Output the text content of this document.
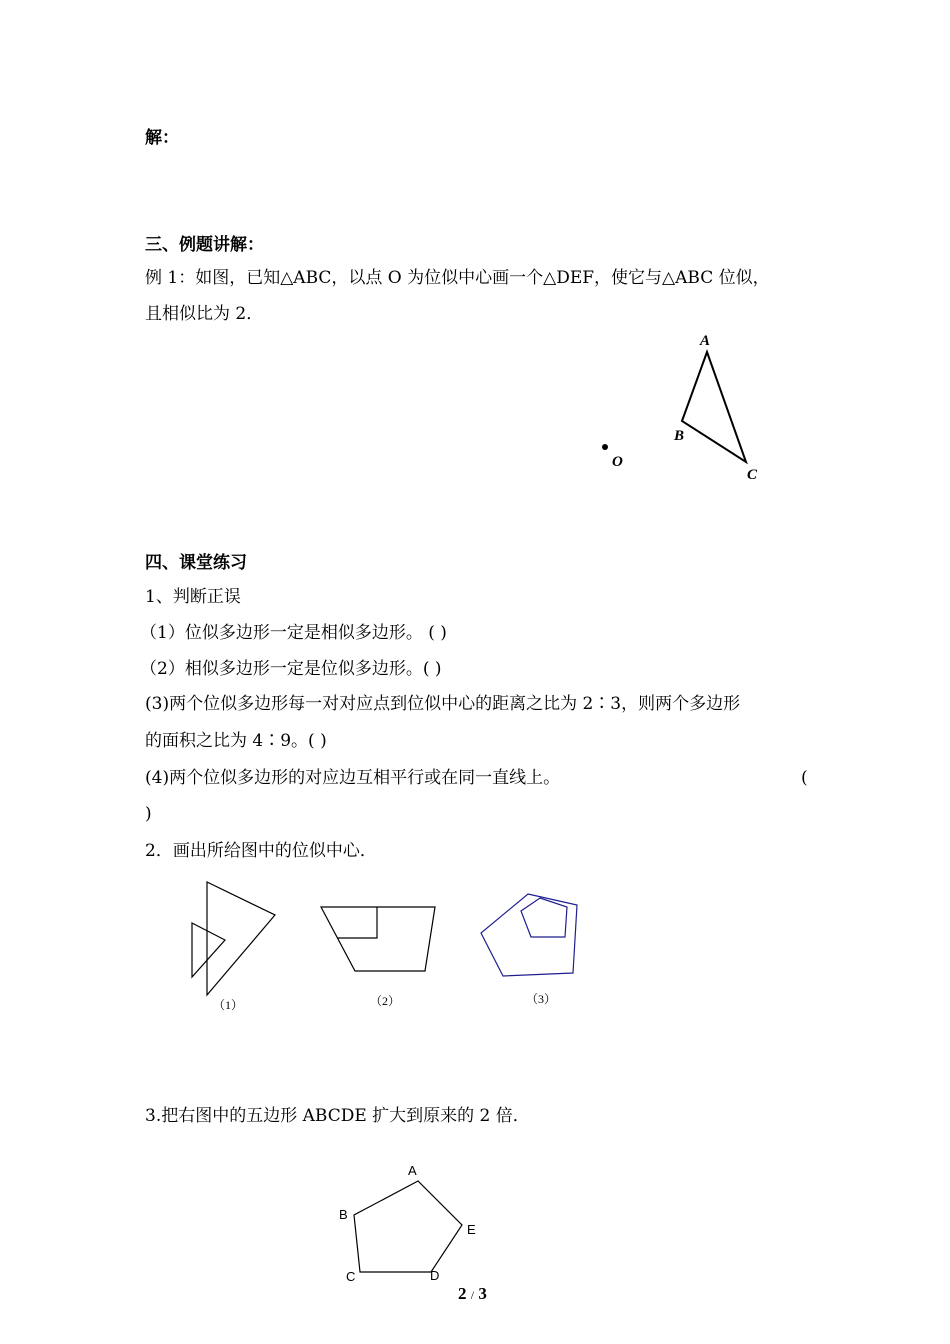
解：
三、例题讲解：
例 1：如图，已知△ABC，以点 O 为位似中心画一个△DEF，使它与△ABC 位似，
且相似比为 2．
A
B
C
O
四、课堂练习
1、判断正误
（1）位似多边形一定是相似多边形。 ( )
（2）相似多边形一定是位似多边形。( )
(3)两个位似多边形每一对对应点到位似中心的距离之比为 2∶3，则两个多边形
的面积之比为 4∶9。( )
(4)两个位似多边形的对应边互相平行或在同一直线上。	(
)
2．画出所给图中的位似中心．
（1）	（2）	（3）
3.把右图中的五边形 ABCDE 扩大到原来的 2 倍．
A
B
C	D
E
2 / 3
